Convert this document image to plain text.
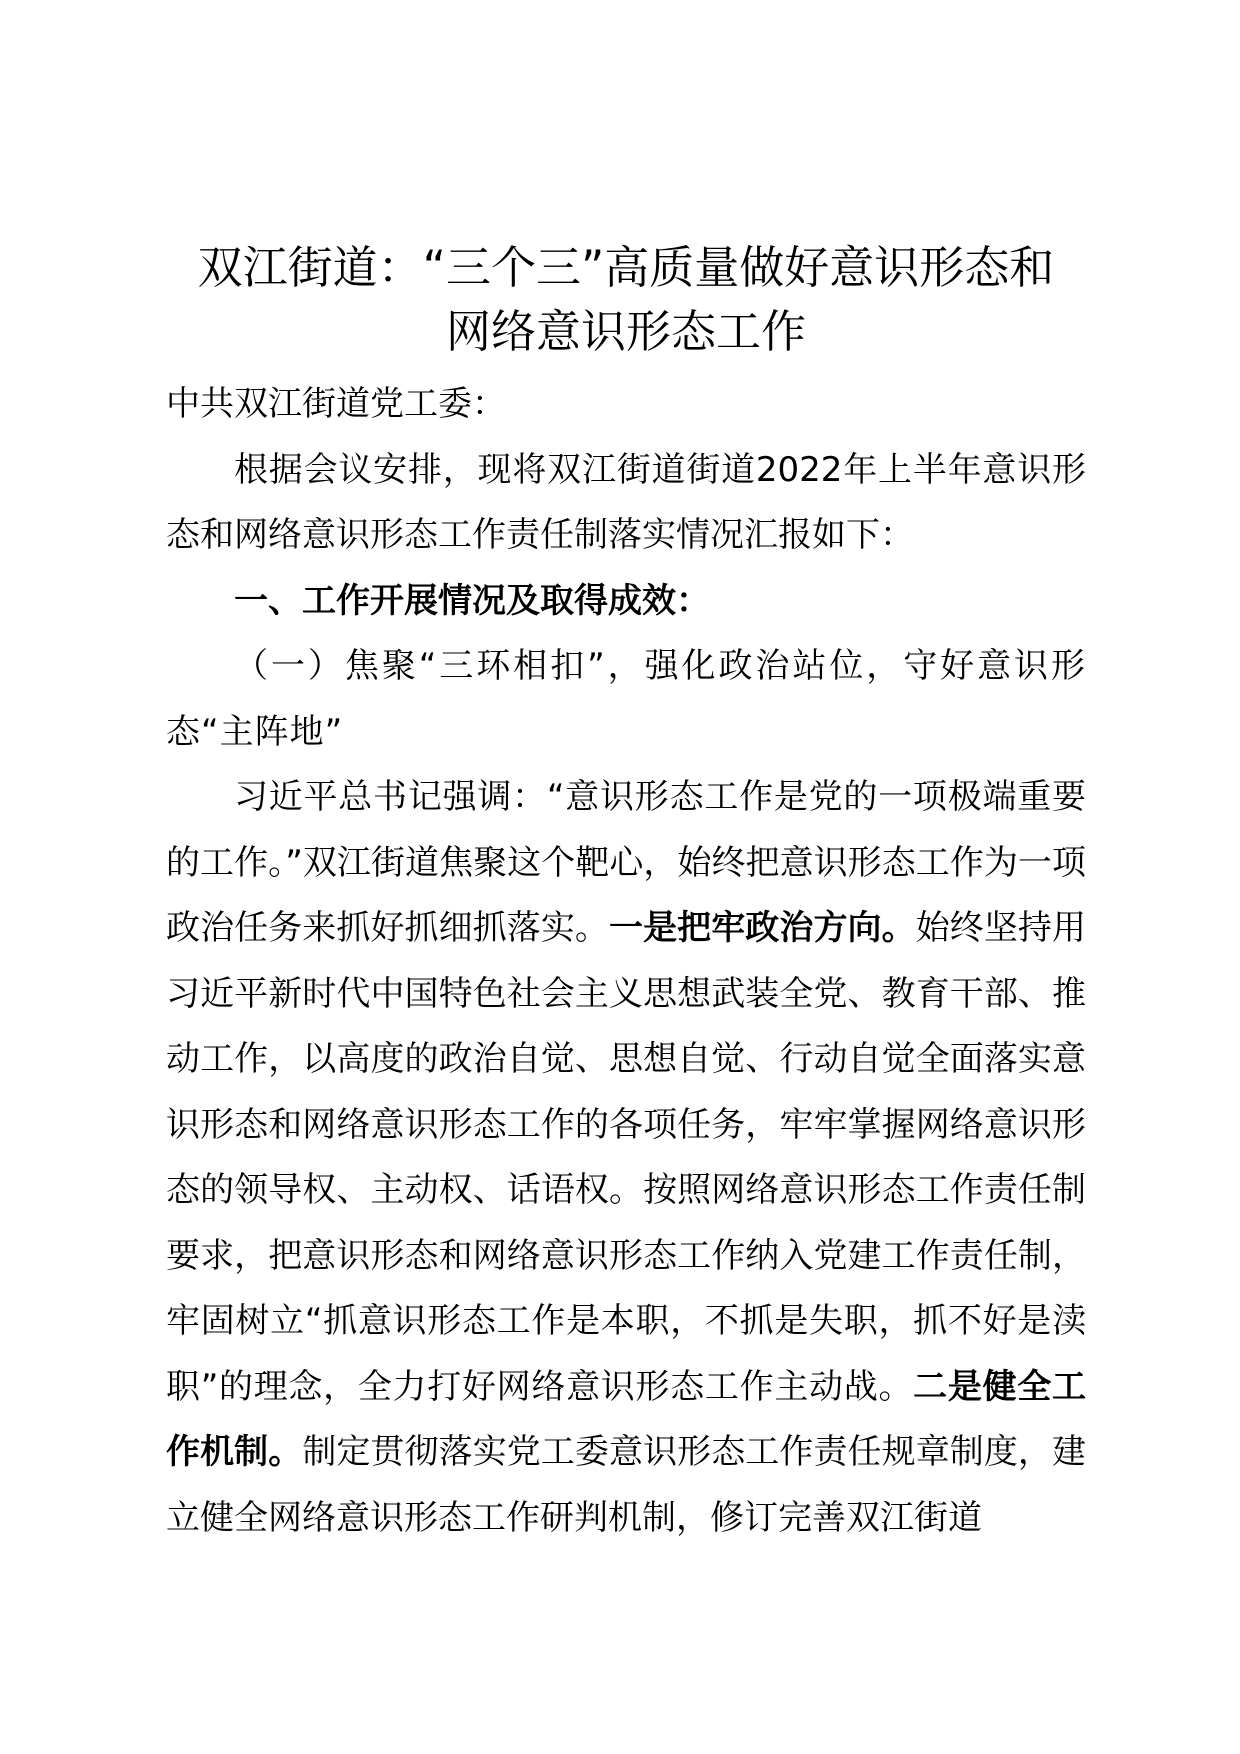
双江街道：“三个三”高质量做好意识形态和
网络意识形态工作

中共双江街道党工委：

根据会议安排，现将双江街道街道2022年上半年意识形态和网络意识形态工作责任制落实情况汇报如下：

一、工作开展情况及取得成效：

（一）焦聚“三环相扣”，强化政治站位，守好意识形态“主阵地”

习近平总书记强调：“意识形态工作是党的一项极端重要的工作。”双江街道焦聚这个靶心，始终把意识形态工作为一项政治任务来抓好抓细抓落实。一是把牢政治方向。始终坚持用习近平新时代中国特色社会主义思想武装全党、教育干部、推动工作，以高度的政治自觉、思想自觉、行动自觉全面落实意识形态和网络意识形态工作的各项任务，牢牢掌握网络意识形态的领导权、主动权、话语权。按照网络意识形态工作责任制要求，把意识形态和网络意识形态工作纳入党建工作责任制，牢固树立“抓意识形态工作是本职，不抓是失职，抓不好是渎职”的理念，全力打好网络意识形态工作主动战。二是健全工作机制。制定贯彻落实党工委意识形态工作责任规章制度，建立健全网络意识形态工作研判机制，修订完善双江街道
